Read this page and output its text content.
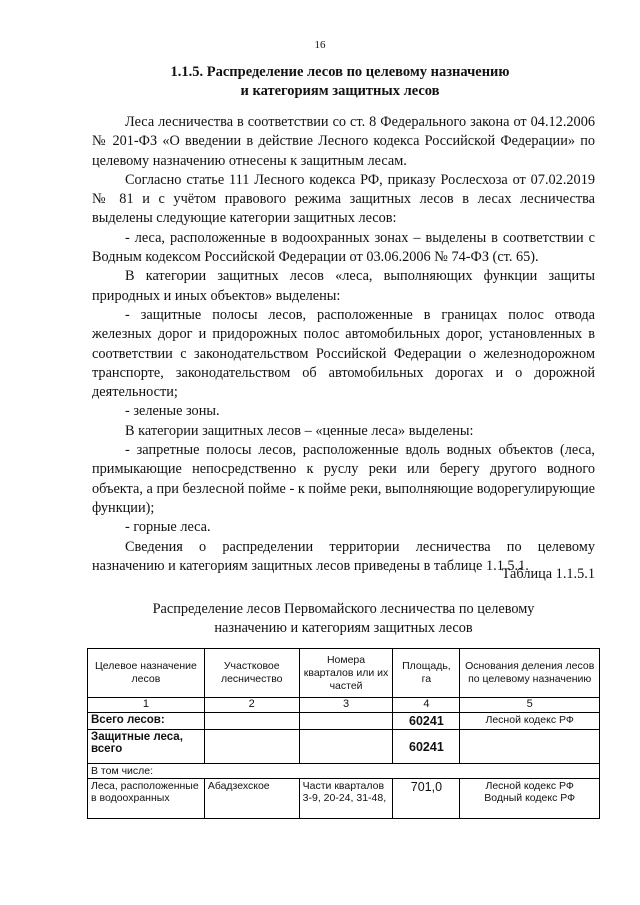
16
1.1.5. Распределение лесов по целевому назначению
и категориям защитных лесов

Леса лесничества в соответствии со ст. 8 Федерального закона от 04.12.2006 № 201-ФЗ «О введении в действие Лесного кодекса Российской Федерации» по целевому назначению отнесены к защитным лесам.

Согласно статье 111 Лесного кодекса РФ, приказу Рослесхоза от 07.02.2019 № 81 и с учётом правового режима защитных лесов в лесах лесничества выделены следующие категории защитных лесов:

- леса, расположенные в водоохранных зонах – выделены в соответствии с Водным кодексом Российской Федерации от 03.06.2006 № 74-ФЗ (ст. 65).

В категории защитных лесов «леса, выполняющих функции защиты природных и иных объектов» выделены:

- защитные полосы лесов, расположенные в границах полос отвода железных дорог и придорожных полос автомобильных дорог, установленных в соответствии с законодательством Российской Федерации о железнодорожном транспорте, законодательством об автомобильных дорогах и о дорожной деятельности;

- зеленые зоны.

В категории защитных лесов – «ценные леса» выделены:

- запретные полосы лесов, расположенные вдоль водных объектов (леса, примыкающие непосредственно к руслу реки или берегу другого водного объекта, а при безлесной пойме - к пойме реки, выполняющие водорегулирующие функции);

- горные леса.

Сведения о распределении территории лесничества по целевому назначению и категориям защитных лесов приведены в таблице 1.1.5.1.

Таблица 1.1.5.1
Распределение лесов Первомайского лесничества по целевому
назначению и категориям защитных лесов
Целевое назначение лесов	Участковое лесничество	Номера кварталов или их частей	Площадь, га	Основания деления лесов по целевому назначению
1	2	3	4	5
Всего лесов:			60241	Лесной кодекс РФ
Защитные леса, всего			60241	
В том числе:				
Леса, расположенные в водоохранных	Абадзехское	Части кварталов 3-9, 20-24, 31-48,	701,0	Лесной кодекс РФ
Водный кодекс РФ
